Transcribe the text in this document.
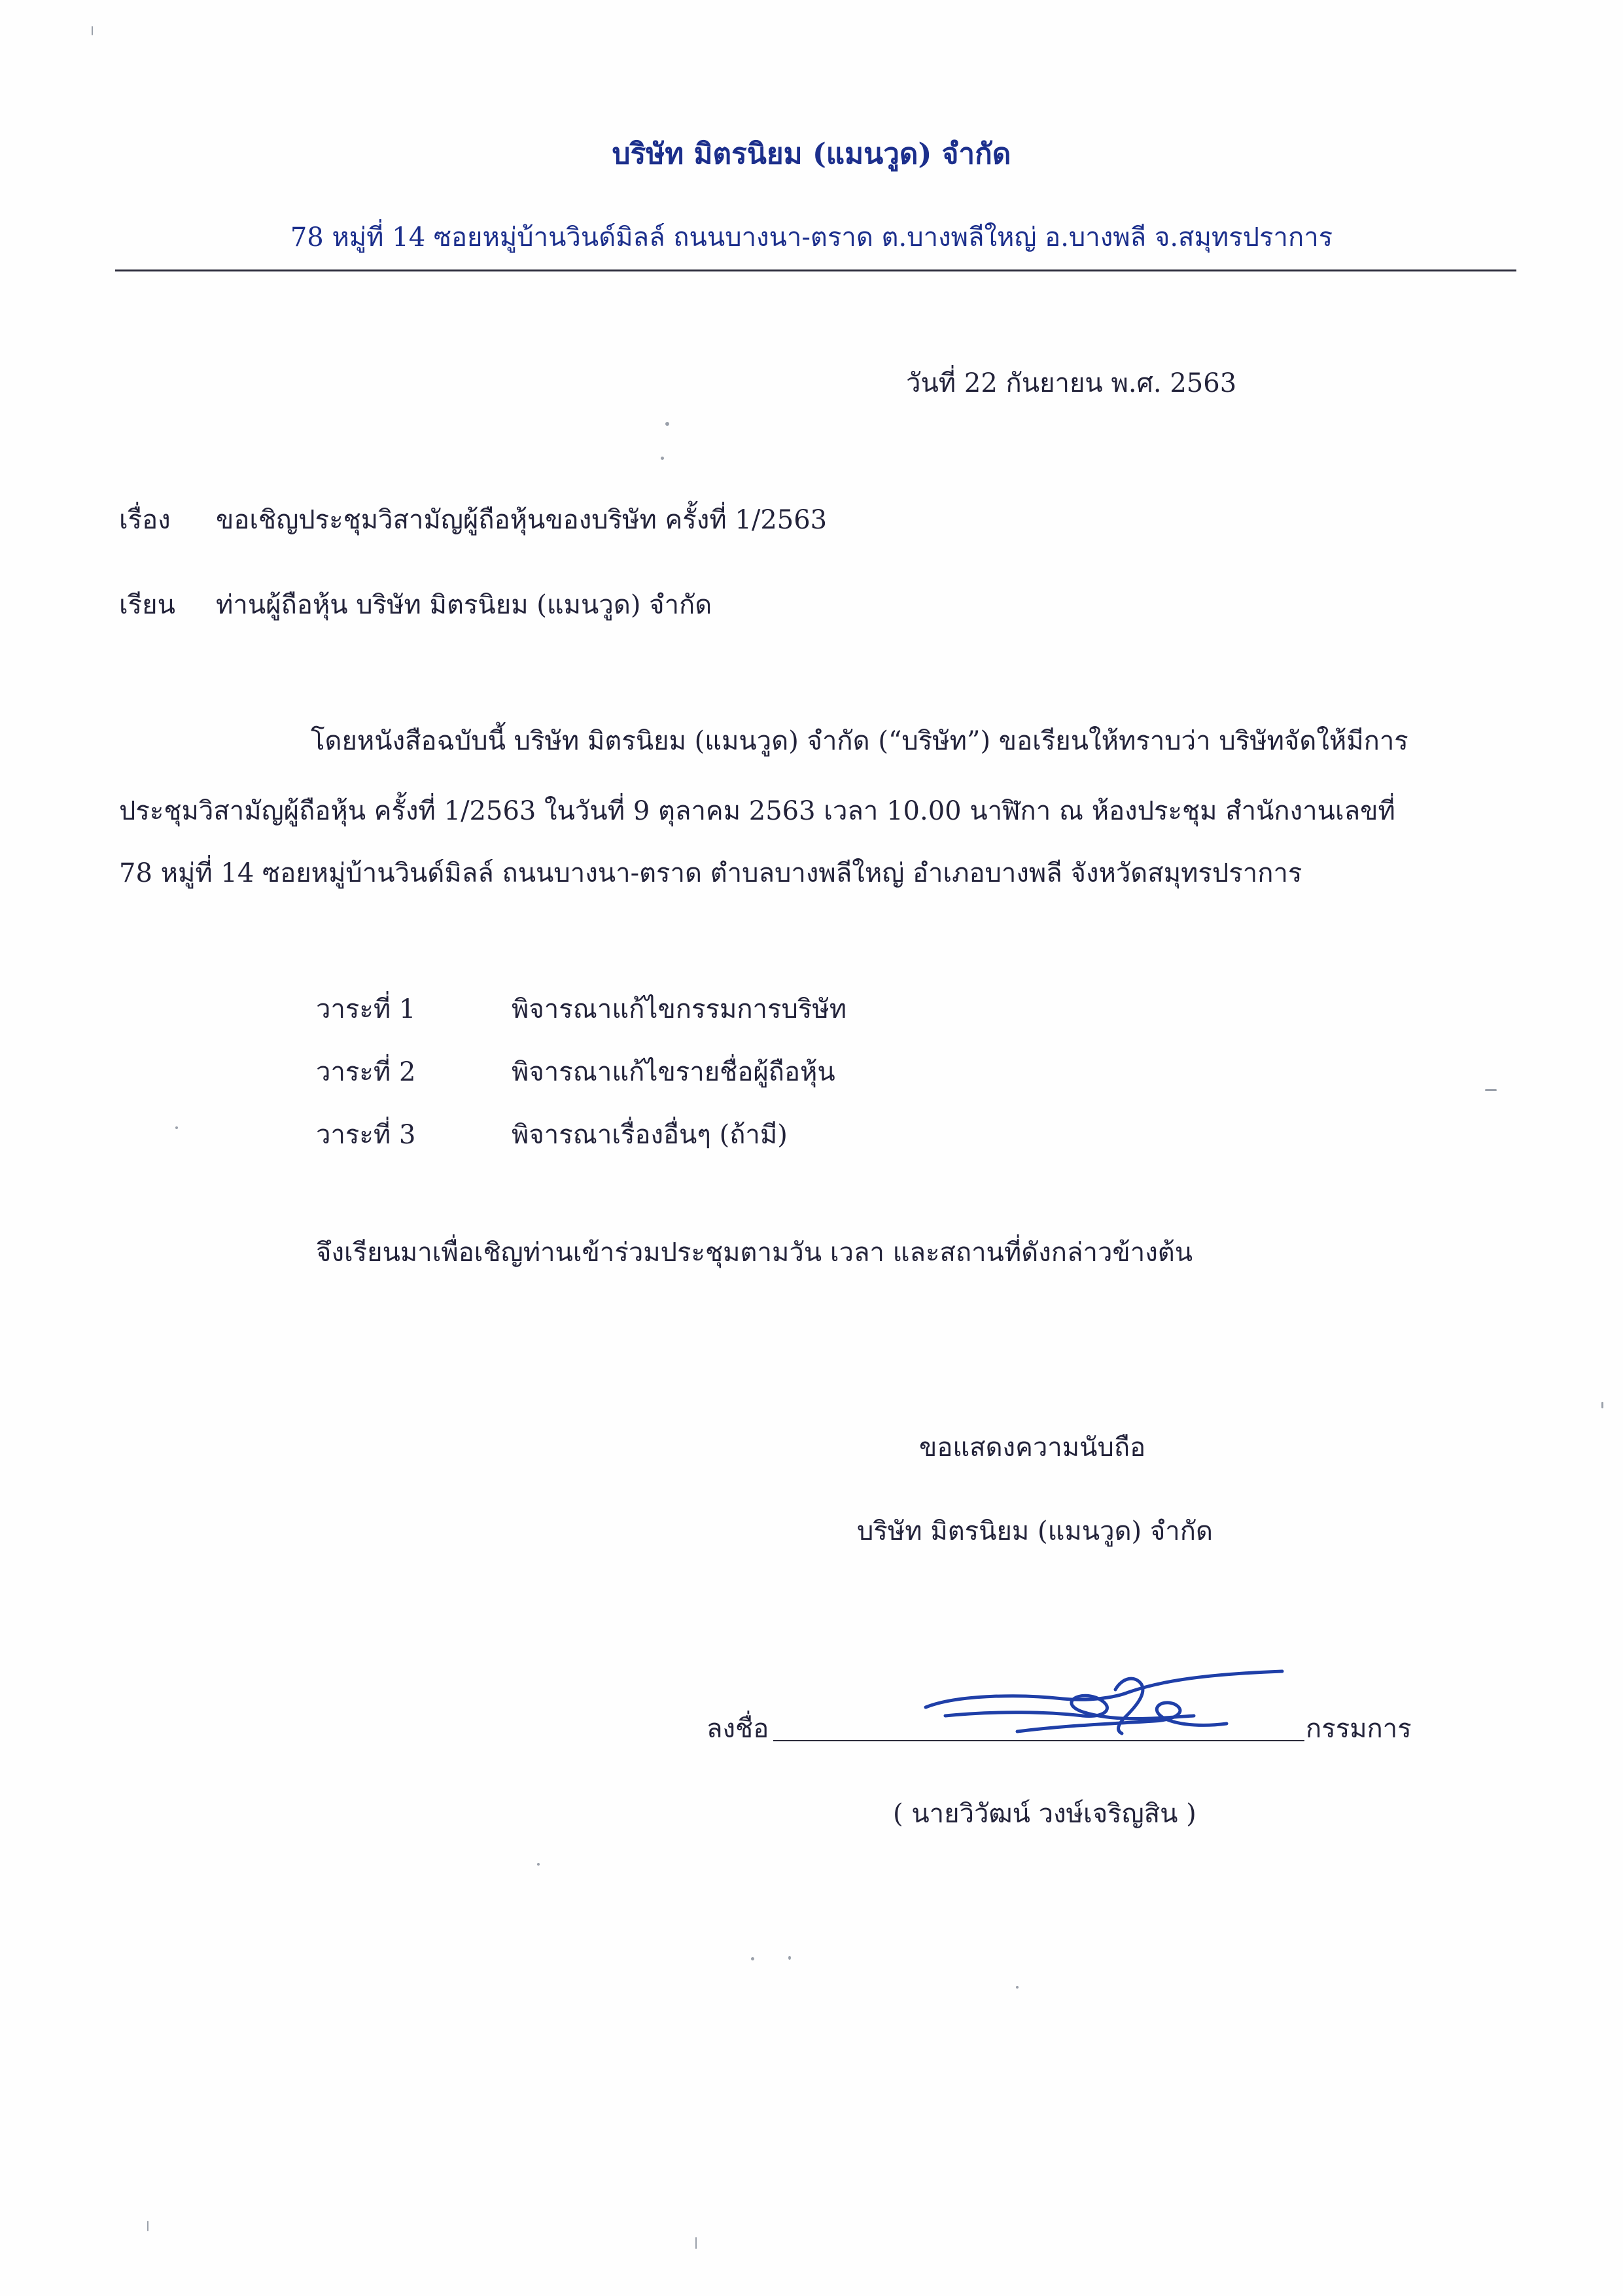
บริษัท มิตรนิยม (แมนวูด) จำกัด
78 หมู่ที่ 14 ซอยหมู่บ้านวินด์มิลล์ ถนนบางนา-ตราด ต.บางพลีใหญ่ อ.บางพลี จ.สมุทรปราการ
วันที่ 22 กันยายน พ.ศ. 2563
เรื่อง ขอเชิญประชุมวิสามัญผู้ถือหุ้นของบริษัท ครั้งที่ 1/2563
เรียน ท่านผู้ถือหุ้น บริษัท มิตรนิยม (แมนวูด) จำกัด
โดยหนังสือฉบับนี้ บริษัท มิตรนิยม (แมนวูด) จำกัด (“บริษัท”) ขอเรียนให้ทราบว่า บริษัทจัดให้มีการ
ประชุมวิสามัญผู้ถือหุ้น ครั้งที่ 1/2563 ในวันที่ 9 ตุลาคม 2563 เวลา 10.00 นาฬิกา ณ ห้องประชุม สำนักงานเลขที่
78 หมู่ที่ 14 ซอยหมู่บ้านวินด์มิลล์ ถนนบางนา-ตราด ตำบลบางพลีใหญ่ อำเภอบางพลี จังหวัดสมุทรปราการ
วาระที่ 1	พิจารณาแก้ไขกรรมการบริษัท
วาระที่ 2	พิจารณาแก้ไขรายชื่อผู้ถือหุ้น
วาระที่ 3	พิจารณาเรื่องอื่นๆ (ถ้ามี)
จึงเรียนมาเพื่อเชิญท่านเข้าร่วมประชุมตามวัน เวลา และสถานที่ดังกล่าวข้างต้น
ขอแสดงความนับถือ
บริษัท มิตรนิยม (แมนวูด) จำกัด
ลงชื่อ	กรรมการ
( นายวิวัฒน์ วงษ์เจริญสิน )
